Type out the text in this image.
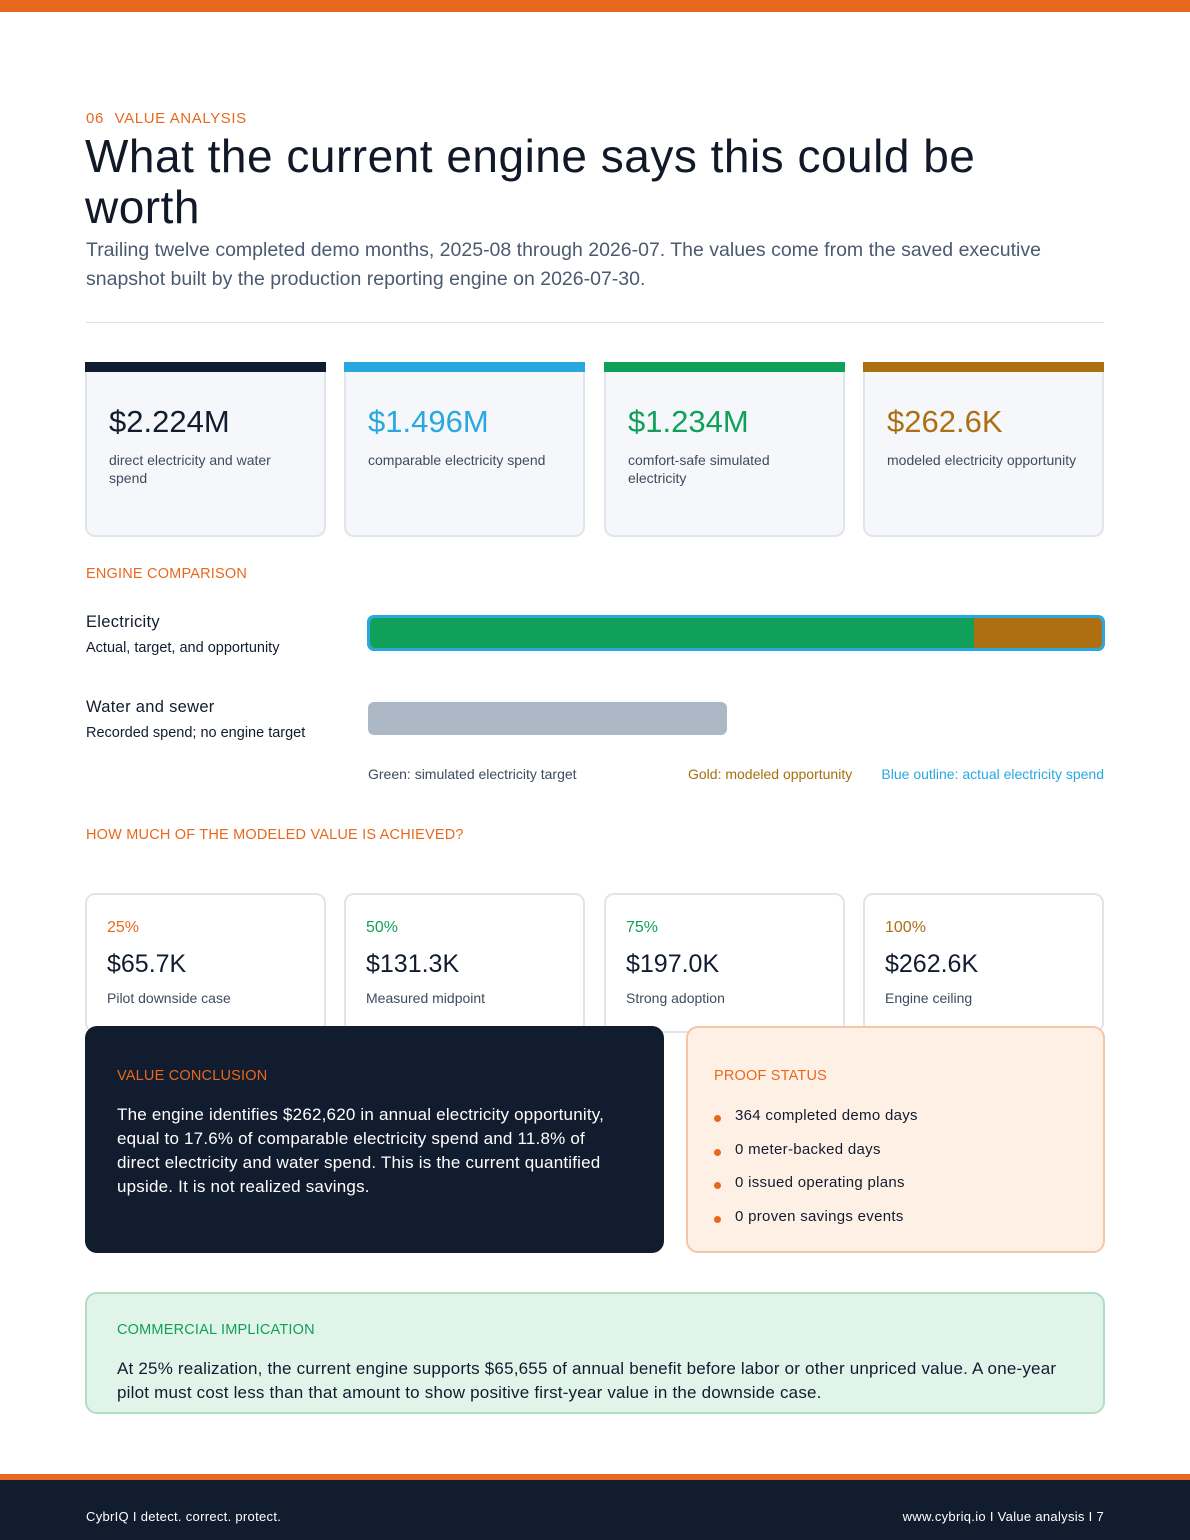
06 VALUE ANALYSIS
What the current engine says this could be worth

Trailing twelve completed demo months, 2025-08 through 2026-07. The values come from the saved executive snapshot built by the production reporting engine on 2026-07-30.

$2.224M
direct electricity and water spend
$1.496M
comparable electricity spend
$1.234M
comfort-safe simulated electricity
$262.6K
modeled electricity opportunity
ENGINE COMPARISON
Electricity
Actual, target, and opportunity
Water and sewer
Recorded spend; no engine target
Green: simulated electricity target	Gold: modeled opportunity Blue outline: actual electricity spend
HOW MUCH OF THE MODELED VALUE IS ACHIEVED?
25%
$65.7K
Pilot downside case
50%
$131.3K
Measured midpoint
75%
$197.0K
Strong adoption
100%
$262.6K
Engine ceiling
VALUE CONCLUSION

The engine identifies $262,620 in annual electricity opportunity, equal to 17.6% of comparable electricity spend and 11.8% of direct electricity and water spend. This is the current quantified upside. It is not realized savings.

PROOF STATUS
364 completed demo days
0 meter-backed days
0 issued operating plans
0 proven savings events
COMMERCIAL IMPLICATION

At 25% realization, the current engine supports $65,655 of annual benefit before labor or other unpriced value. A one-year pilot must cost less than that amount to show positive first-year value in the downside case.

CybrIQ I detect. correct. protect.	www.cybriq.io I Value analysis I 7
